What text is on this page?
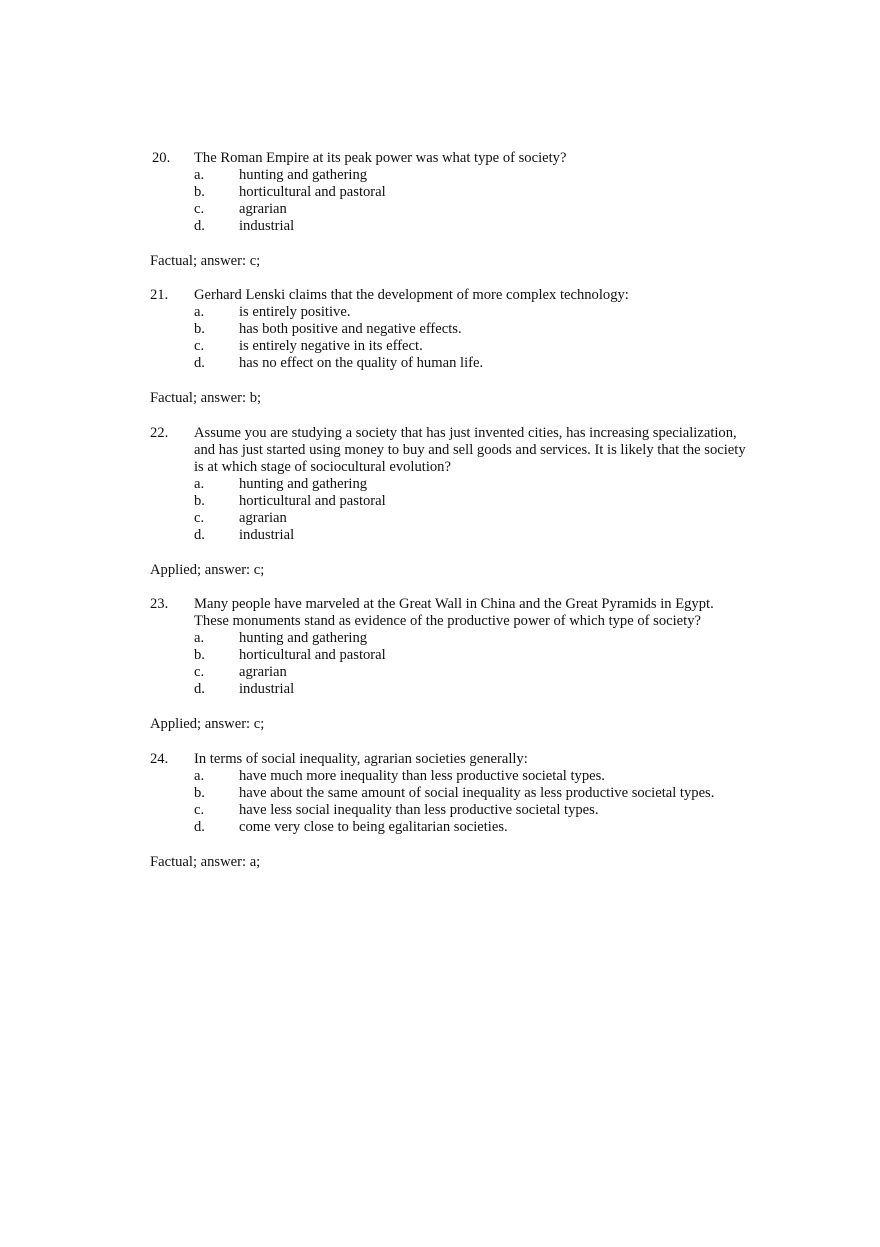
20. The Roman Empire at its peak power was what type of society?
a. hunting and gathering
b. horticultural and pastoral
c. agrarian
d. industrial
Factual; answer: c;
21. Gerhard Lenski claims that the development of more complex technology:
a. is entirely positive.
b. has both positive and negative effects.
c. is entirely negative in its effect.
d. has no effect on the quality of human life.
Factual; answer: b;
22. Assume you are studying a society that has just invented cities, has increasing specialization, and has just started using money to buy and sell goods and services. It is likely that the society is at which stage of sociocultural evolution?
a. hunting and gathering
b. horticultural and pastoral
c. agrarian
d. industrial
Applied; answer: c;
23. Many people have marveled at the Great Wall in China and the Great Pyramids in Egypt. These monuments stand as evidence of the productive power of which type of society?
a. hunting and gathering
b. horticultural and pastoral
c. agrarian
d. industrial
Applied; answer: c;
24. In terms of social inequality, agrarian societies generally:
a. have much more inequality than less productive societal types.
b. have about the same amount of social inequality as less productive societal types.
c. have less social inequality than less productive societal types.
d. come very close to being egalitarian societies.
Factual; answer: a;
